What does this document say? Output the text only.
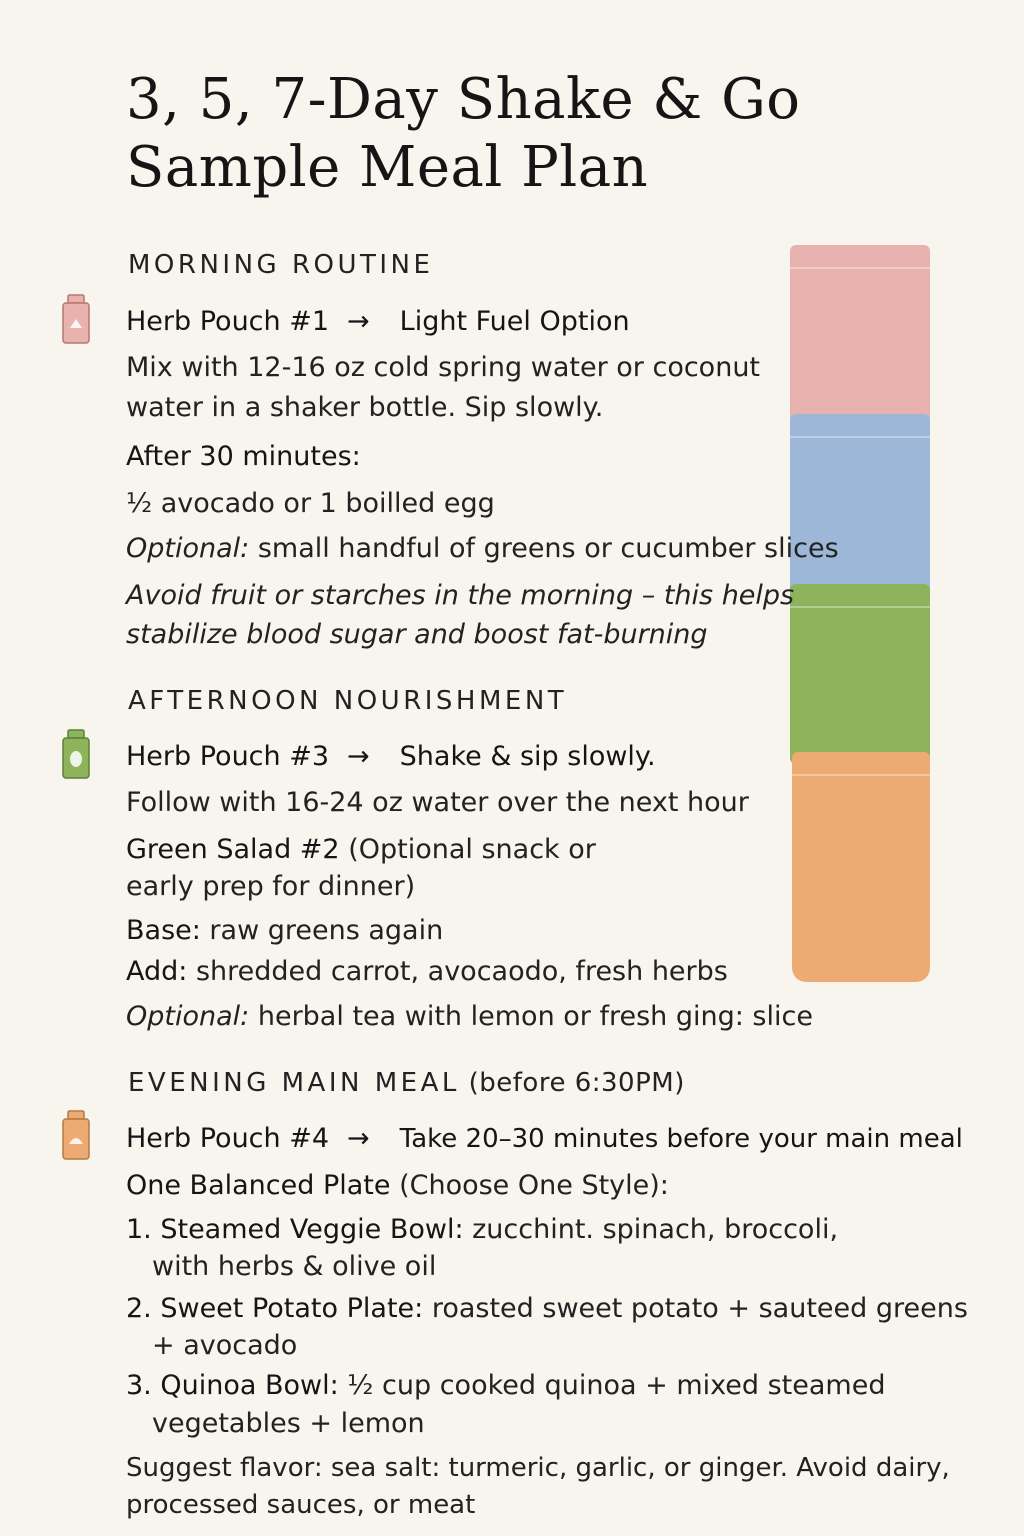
3, 5, 7-Day Shake & Go
Sample Meal Plan
MORNING ROUTINE
Herb Pouch #1 → Light Fuel Option
Mix with 12-16 oz cold spring water or coconut
water in a shaker bottle. Sip slowly.
After 30 minutes:
½ avocado or 1 boilled egg
Optional: small handful of greens or cucumber slices
Avoid fruit or starches in the morning – this helps
stabilize blood sugar and boost fat-burning
AFTERNOON NOURISHMENT
Herb Pouch #3 → Shake & sip slowly.
Follow with 16-24 oz water over the next hour
Green Salad #2 (Optional snack or
early prep for dinner)
Base: raw greens again
Add: shredded carrot, avocaodo, fresh herbs
Optional: herbal tea with lemon or fresh ging: slice
EVENING MAIN MEAL (before 6:30PM)
Herb Pouch #4 → Take 20–30 minutes before your main meal
One Balanced Plate (Choose One Style):
1. Steamed Veggie Bowl: zucchint. spinach, broccoli,
with herbs & olive oil
2. Sweet Potato Plate: roasted sweet potato + sauteed greens
+ avocado
3. Quinoa Bowl: ½ cup cooked quinoa + mixed steamed
vegetables + lemon
Suggest flavor: sea salt: turmeric, garlic, or ginger. Avoid dairy,
processed sauces, or meat
